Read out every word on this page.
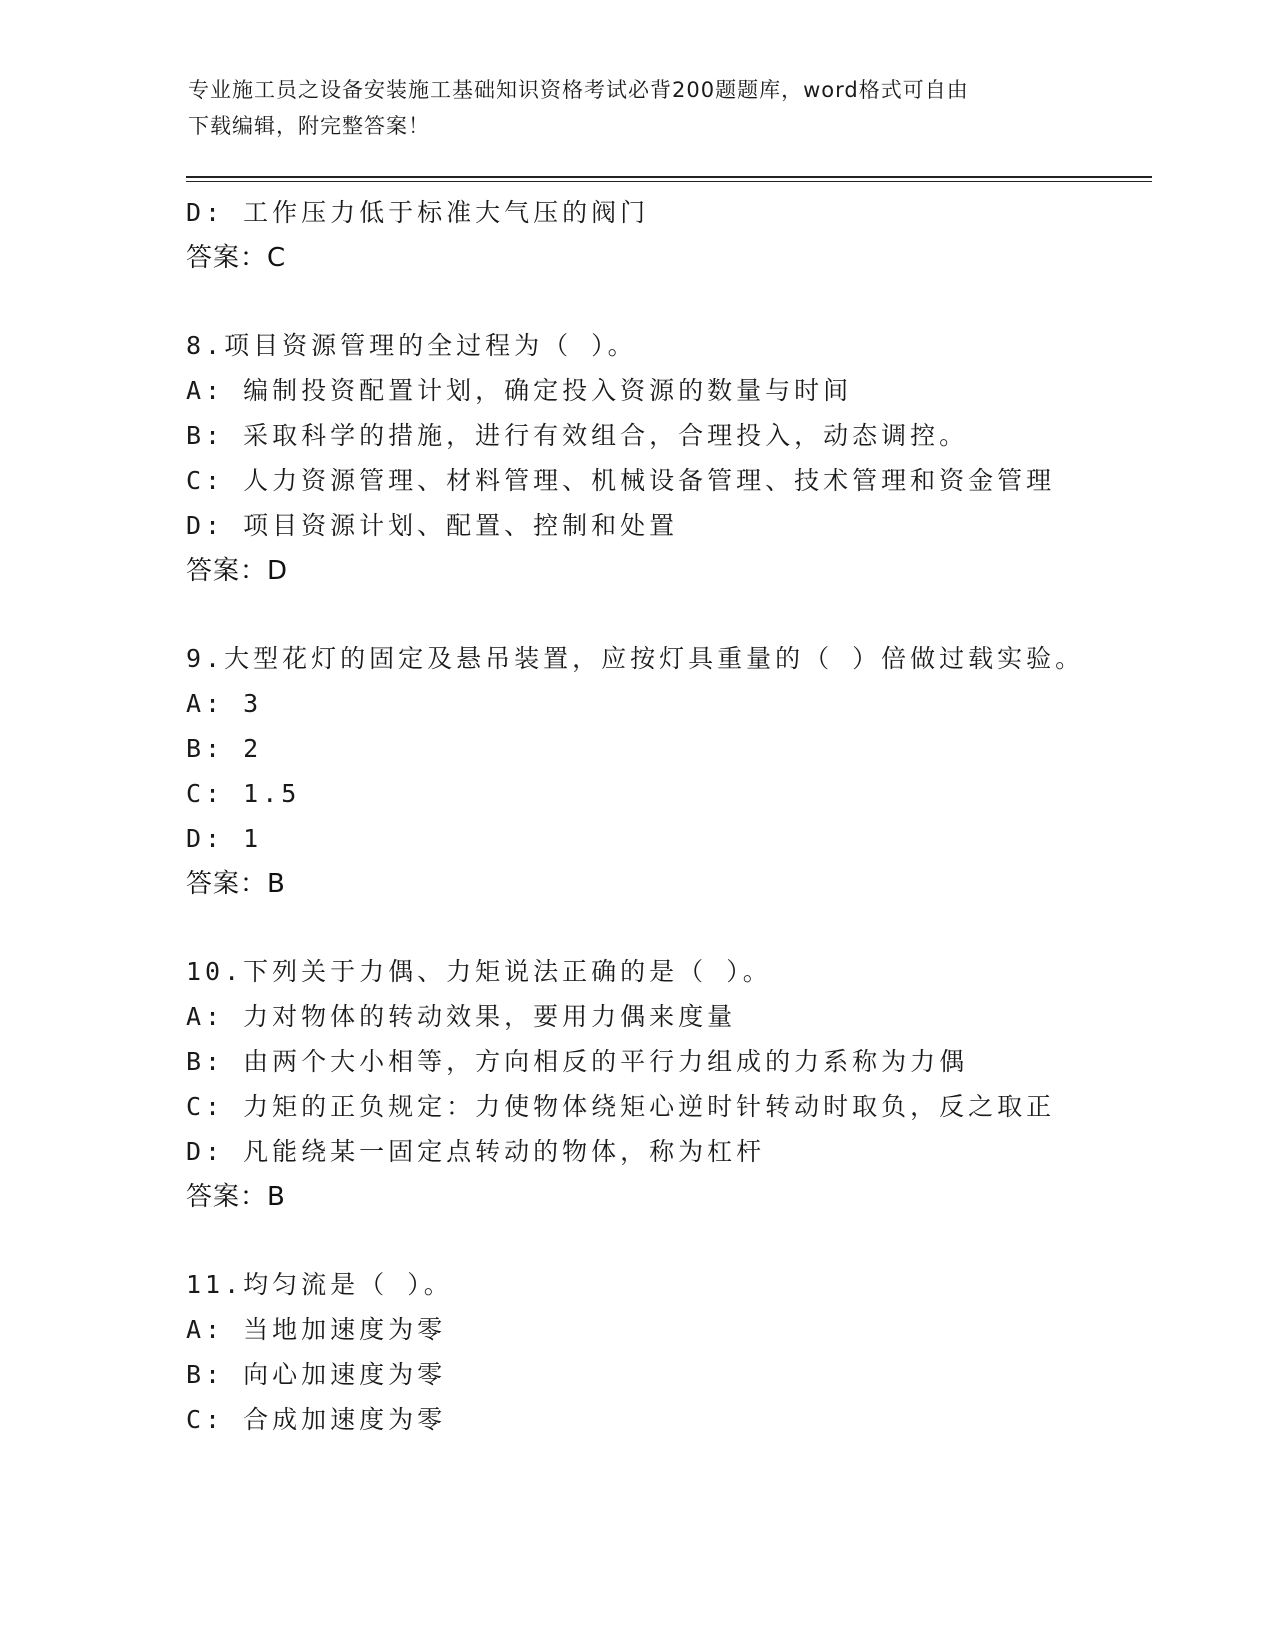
专业施工员之设备安装施工基础知识资格考试必背200题题库，word格式可自由
下载编辑，附完整答案！
D: 工作压力低于标准大气压的阀门
答案：C
8.项目资源管理的全过程为（ ）。
A: 编制投资配置计划，确定投入资源的数量与时间
B: 采取科学的措施，进行有效组合，合理投入，动态调控。
C: 人力资源管理、材料管理、机械设备管理、技术管理和资金管理
D: 项目资源计划、配置、控制和处置
答案：D
9.大型花灯的固定及悬吊装置，应按灯具重量的（ ）倍做过载实验。
A: 3
B: 2
C: 1.5
D: 1
答案：B
10.下列关于力偶、力矩说法正确的是（ ）。
A: 力对物体的转动效果，要用力偶来度量
B: 由两个大小相等，方向相反的平行力组成的力系称为力偶
C: 力矩的正负规定：力使物体绕矩心逆时针转动时取负，反之取正
D: 凡能绕某一固定点转动的物体，称为杠杆
答案：B
11.均匀流是（ ）。
A: 当地加速度为零
B: 向心加速度为零
C: 合成加速度为零
